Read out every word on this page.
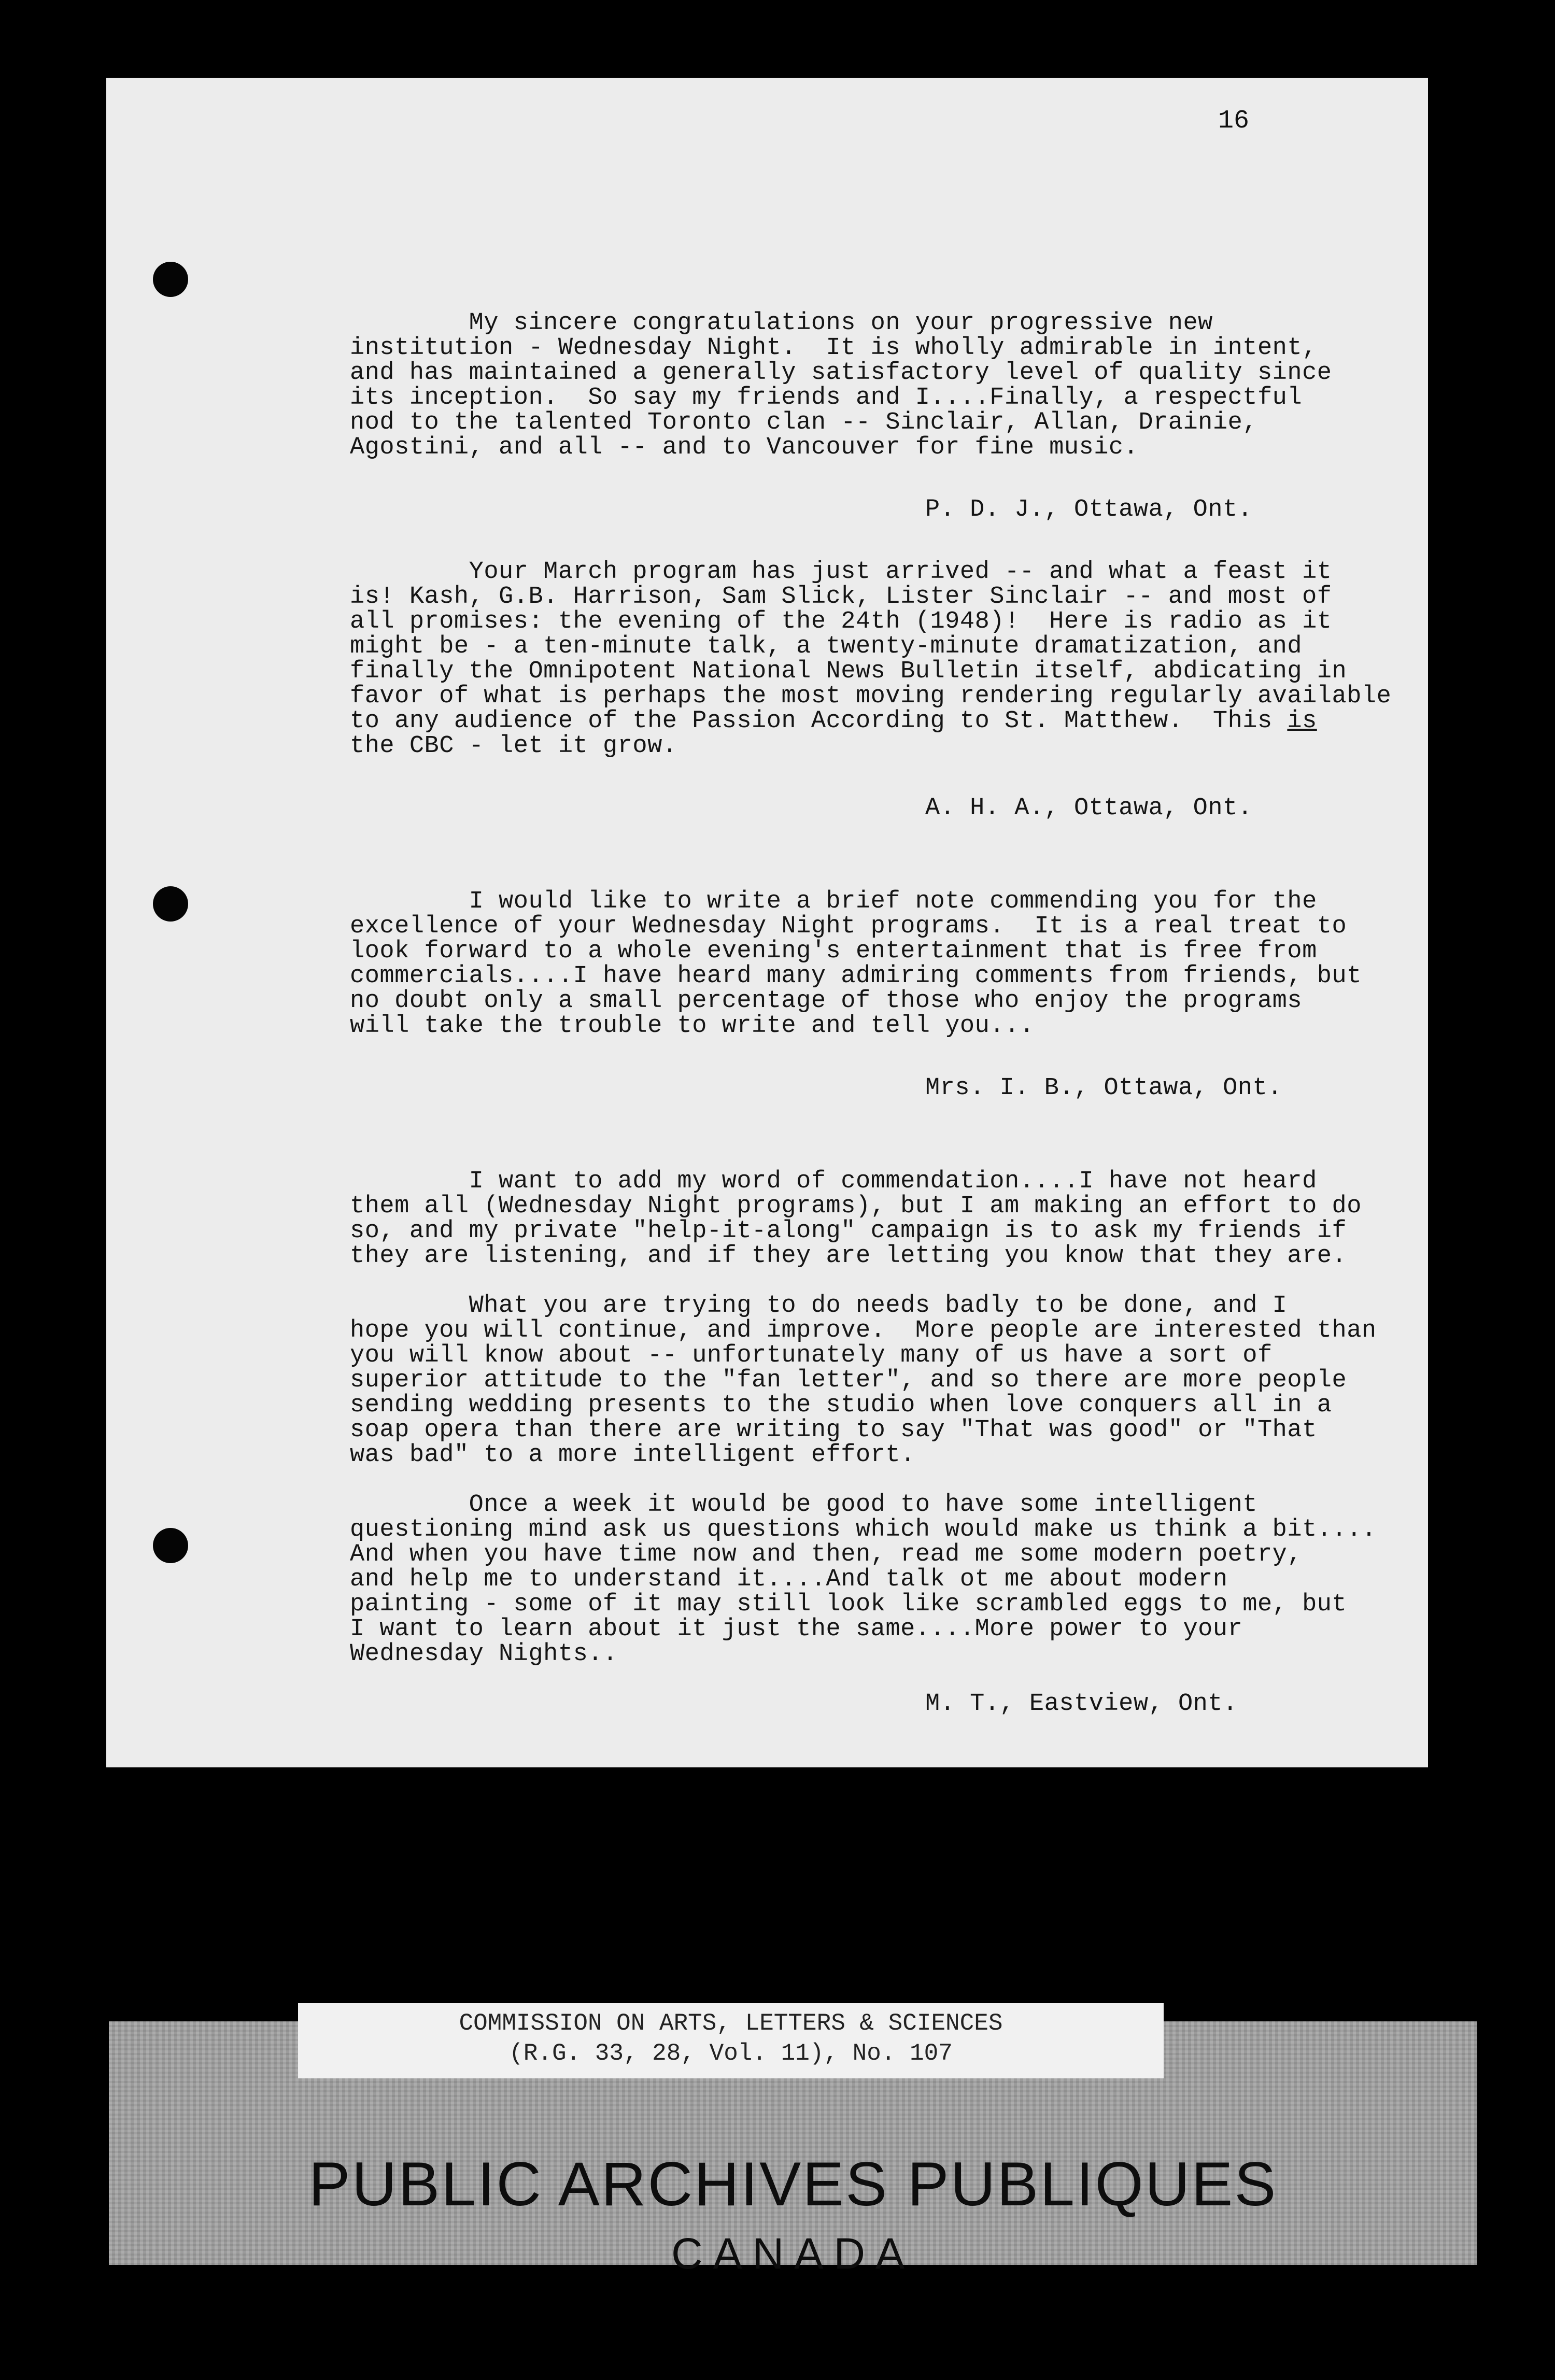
16

My sincere congratulations on your progressive new
institution - Wednesday Night.  It is wholly admirable in intent,
and has maintained a generally satisfactory level of quality since
its inception.  So say my friends and I....Finally, a respectful
nod to the talented Toronto clan -- Sinclair, Allan, Drainie,
Agostini, and all -- and to Vancouver for fine music.

P. D. J., Ottawa, Ont.

Your March program has just arrived -- and what a feast it
is! Kash, G.B. Harrison, Sam Slick, Lister Sinclair -- and most of
all promises: the evening of the 24th (1948)!  Here is radio as it
might be - a ten-minute talk, a twenty-minute dramatization, and
finally the Omnipotent National News Bulletin itself, abdicating in
favor of what is perhaps the most moving rendering regularly available
to any audience of the Passion According to St. Matthew.  This is
the CBC - let it grow.

A. H. A., Ottawa, Ont.

I would like to write a brief note commending you for the
excellence of your Wednesday Night programs.  It is a real treat to
look forward to a whole evening's entertainment that is free from
commercials....I have heard many admiring comments from friends, but
no doubt only a small percentage of those who enjoy the programs
will take the trouble to write and tell you...

Mrs. I. B., Ottawa, Ont.

I want to add my word of commendation....I have not heard
them all (Wednesday Night programs), but I am making an effort to do
so, and my private "help-it-along" campaign is to ask my friends if
they are listening, and if they are letting you know that they are.

What you are trying to do needs badly to be done, and I
hope you will continue, and improve.  More people are interested than
you will know about -- unfortunately many of us have a sort of
superior attitude to the "fan letter", and so there are more people
sending wedding presents to the studio when love conquers all in a
soap opera than there are writing to say "That was good" or "That
was bad" to a more intelligent effort.

Once a week it would be good to have some intelligent
questioning mind ask us questions which would make us think a bit....
And when you have time now and then, read me some modern poetry,
and help me to understand it....And talk ot me about modern
painting - some of it may still look like scrambled eggs to me, but
I want to learn about it just the same....More power to your
Wednesday Nights..

M. T., Eastview, Ont.

COMMISSION ON ARTS, LETTERS & SCIENCES

(R.G. 33, 28, Vol. 11), No. 107

PUBLIC ARCHIVES PUBLIQUES

CANADA
